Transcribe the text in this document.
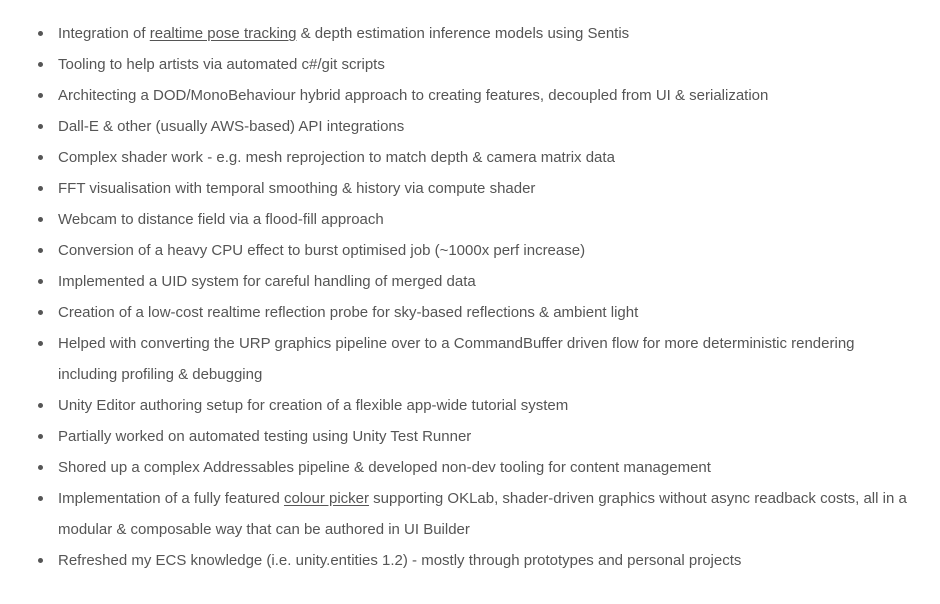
Integration of realtime pose tracking & depth estimation inference models using Sentis
Tooling to help artists via automated c#/git scripts
Architecting a DOD/MonoBehaviour hybrid approach to creating features, decoupled from UI & serialization
Dall-E & other (usually AWS-based) API integrations
Complex shader work - e.g. mesh reprojection to match depth & camera matrix data
FFT visualisation with temporal smoothing & history via compute shader
Webcam to distance field via a flood-fill approach
Conversion of a heavy CPU effect to burst optimised job (~1000x perf increase)
Implemented a UID system for careful handling of merged data
Creation of a low-cost realtime reflection probe for sky-based reflections & ambient light
Helped with converting the URP graphics pipeline over to a CommandBuffer driven flow for more deterministic rendering including profiling & debugging
Unity Editor authoring setup for creation of a flexible app-wide tutorial system
Partially worked on automated testing using Unity Test Runner
Shored up a complex Addressables pipeline & developed non-dev tooling for content management
Implementation of a fully featured colour picker supporting OKLab, shader-driven graphics without async readback costs, all in a modular & composable way that can be authored in UI Builder
Refreshed my ECS knowledge (i.e. unity.entities 1.2) - mostly through prototypes and personal projects
